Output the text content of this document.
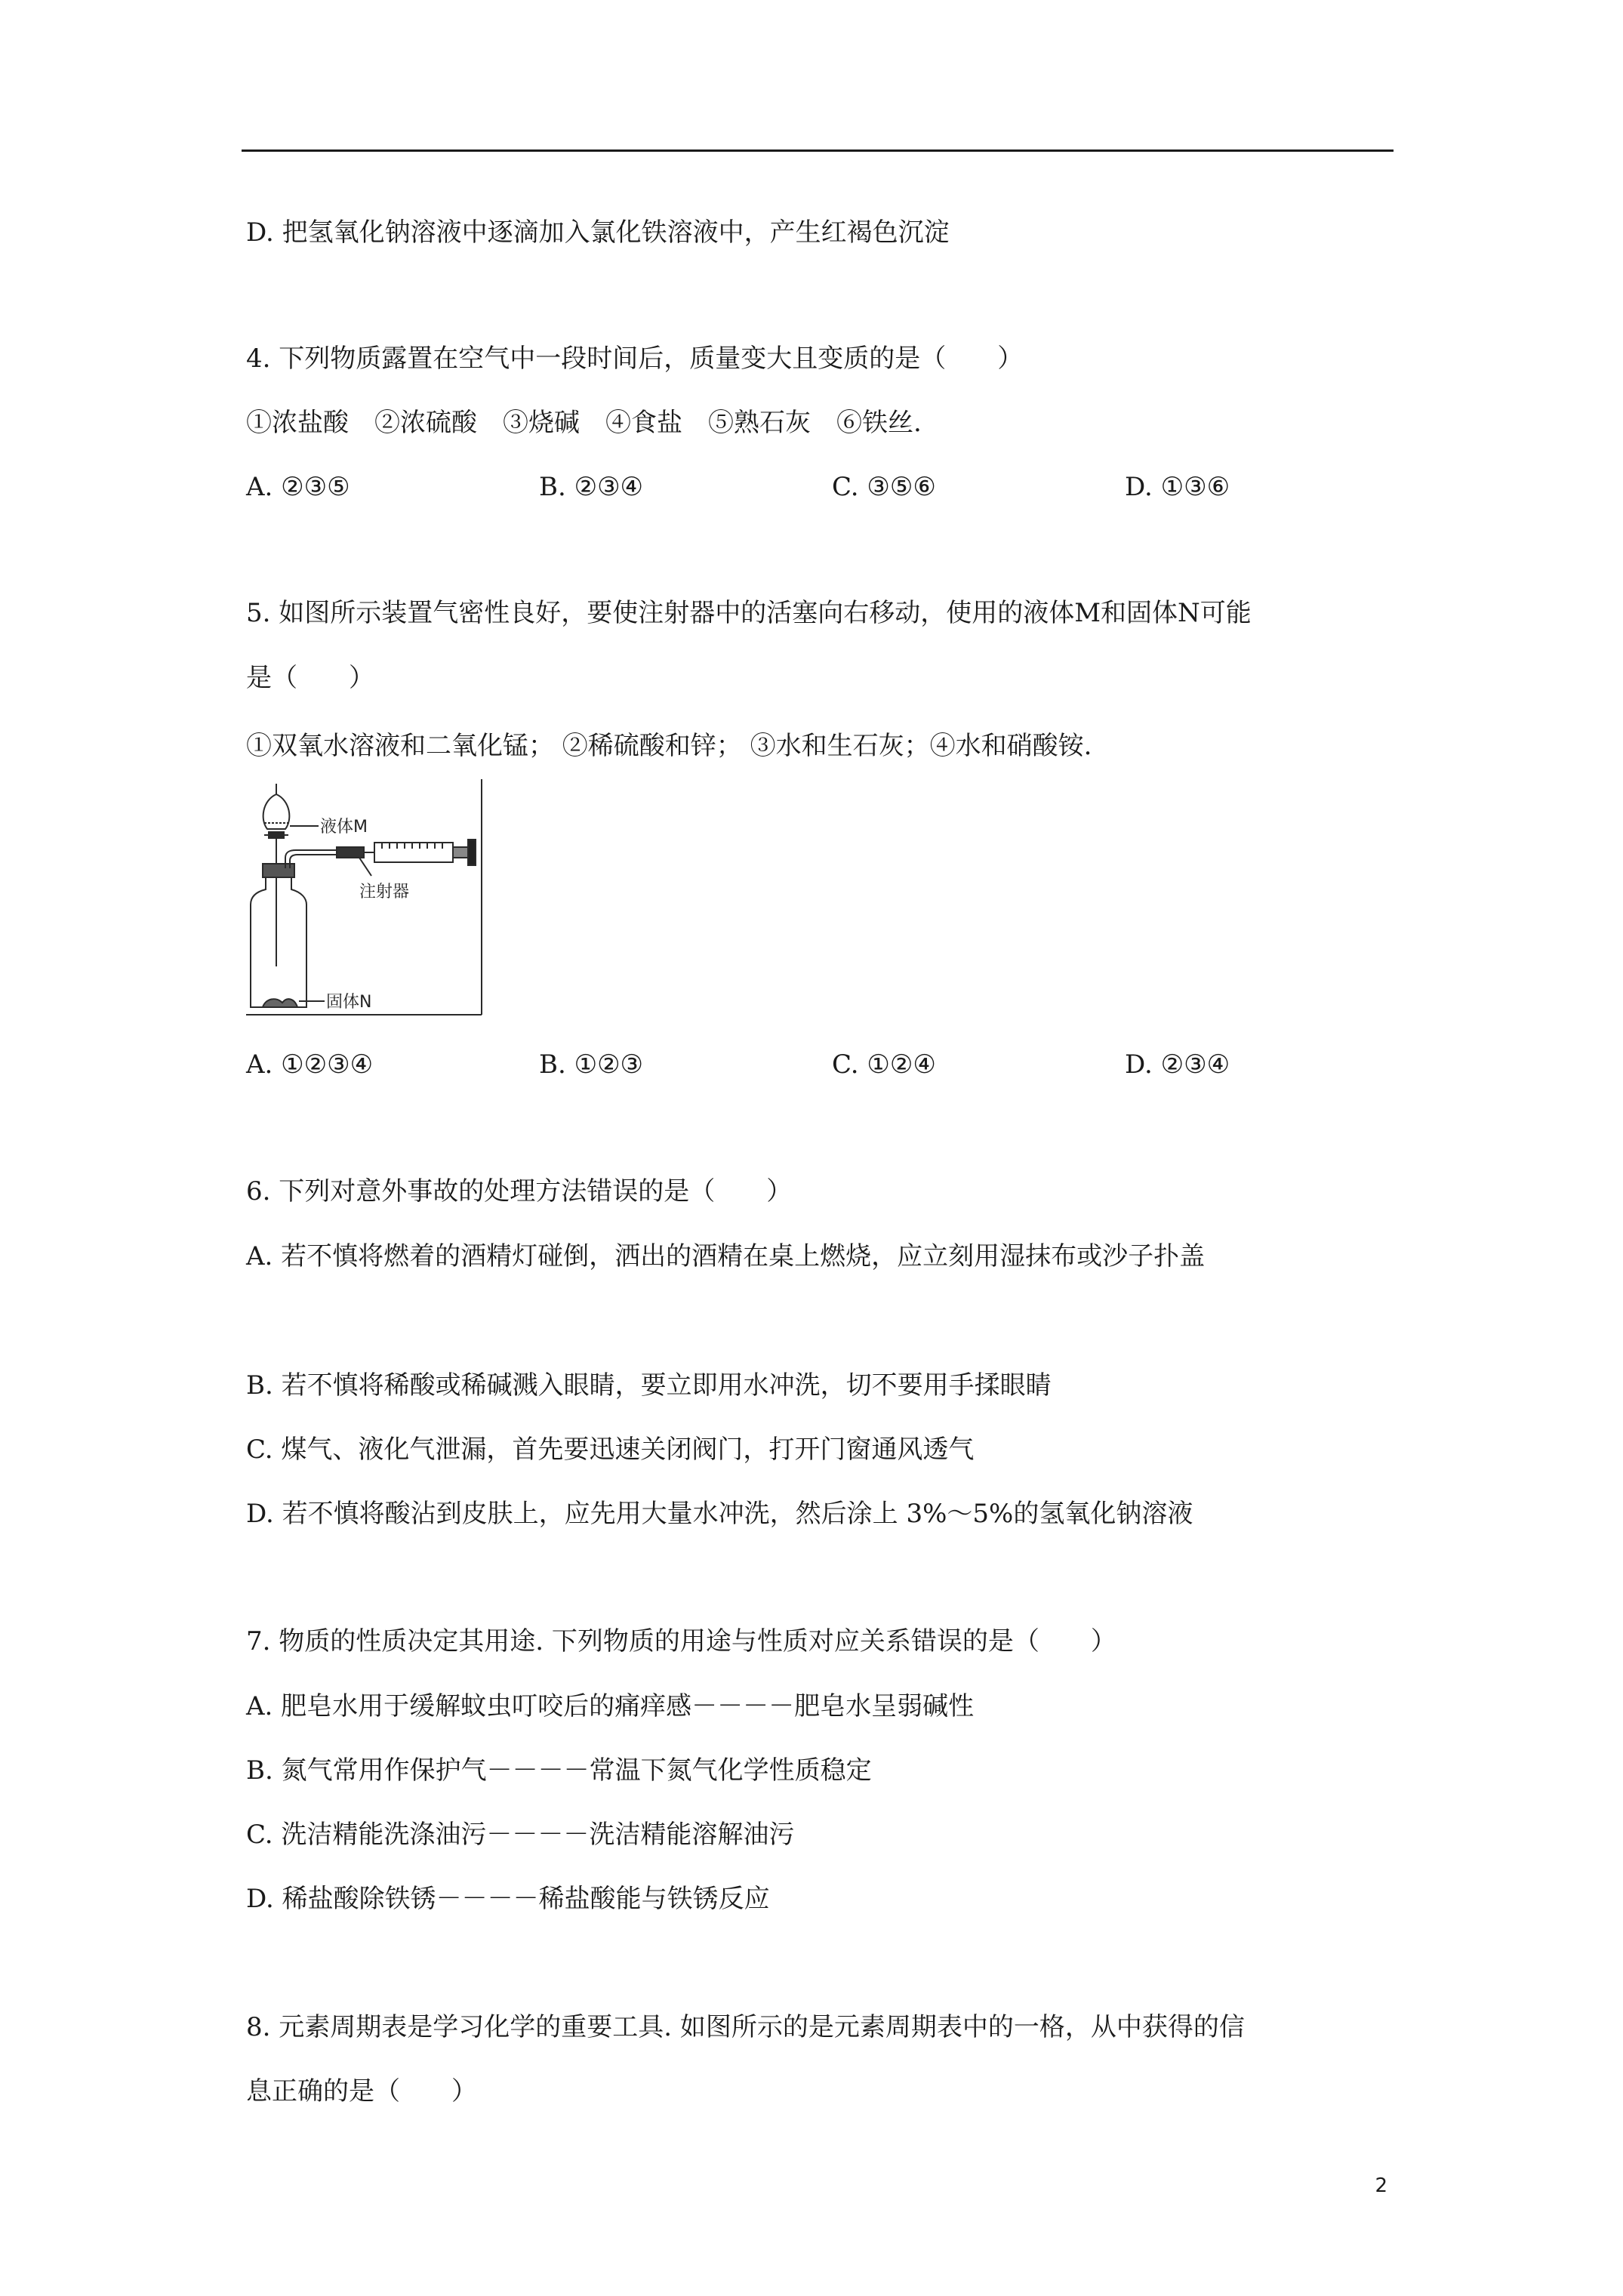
D. 把氢氧化钠溶液中逐滴加入氯化铁溶液中，产生红褐色沉淀
4. 下列物质露置在空气中一段时间后，质量变大且变质的是（　　）
①浓盐酸　②浓硫酸　③烧碱　④食盐　⑤熟石灰　⑥铁丝.
A. ②③⑤	B. ②③④	C. ③⑤⑥	D. ①③⑥
5. 如图所示装置气密性良好，要使注射器中的活塞向右移动，使用的液体M和固体N可能
是（　　）
①双氧水溶液和二氧化锰； ②稀硫酸和锌； ③水和生石灰；④水和硝酸铵.
液体M
注射器
固体N
A. ①②③④	B. ①②③	C. ①②④	D. ②③④
6. 下列对意外事故的处理方法错误的是（　　）
A. 若不慎将燃着的酒精灯碰倒，洒出的酒精在桌上燃烧，应立刻用湿抹布或沙子扑盖
B. 若不慎将稀酸或稀碱溅入眼睛，要立即用水冲洗，切不要用手揉眼睛
C. 煤气、液化气泄漏，首先要迅速关闭阀门，打开门窗通风透气
D. 若不慎将酸沾到皮肤上，应先用大量水冲洗，然后涂上 3%～5%的氢氧化钠溶液
7. 物质的性质决定其用途. 下列物质的用途与性质对应关系错误的是（　　）
A. 肥皂水用于缓解蚊虫叮咬后的痛痒感－－－－肥皂水呈弱碱性
B. 氮气常用作保护气－－－－常温下氮气化学性质稳定
C. 洗洁精能洗涤油污－－－－洗洁精能溶解油污
D. 稀盐酸除铁锈－－－－稀盐酸能与铁锈反应
8. 元素周期表是学习化学的重要工具. 如图所示的是元素周期表中的一格，从中获得的信
息正确的是（　　）
2
